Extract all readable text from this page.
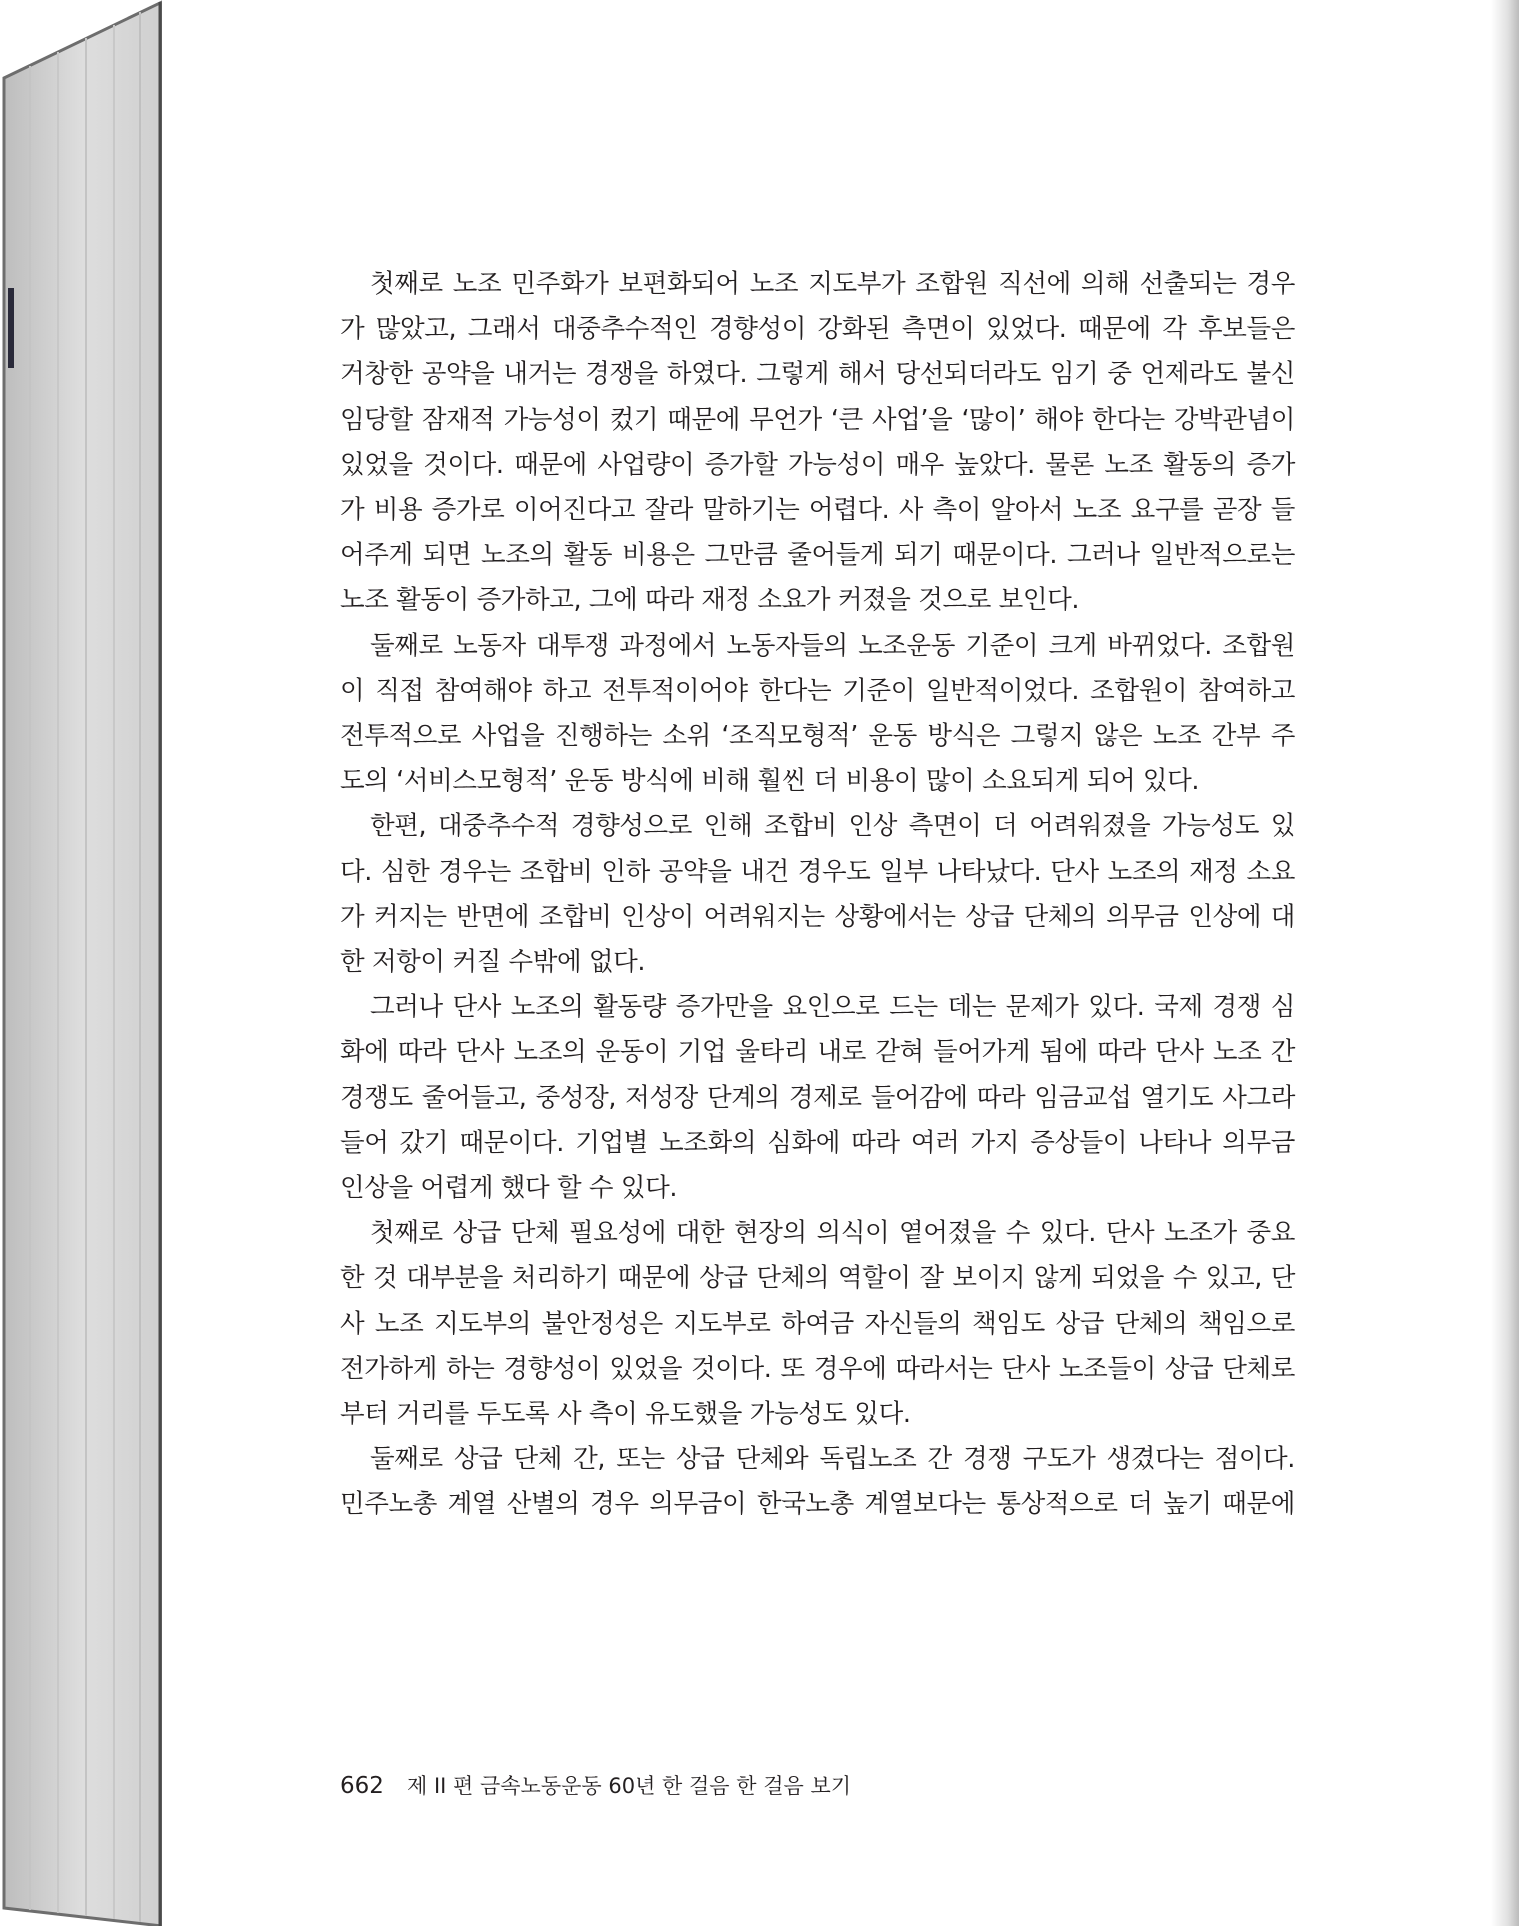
첫째로 노조 민주화가 보편화되어 노조 지도부가 조합원 직선에 의해 선출되는 경우
가 많았고, 그래서 대중추수적인 경향성이 강화된 측면이 있었다. 때문에 각 후보들은
거창한 공약을 내거는 경쟁을 하였다. 그렇게 해서 당선되더라도 임기 중 언제라도 불신
임당할 잠재적 가능성이 컸기 때문에 무언가 ‘큰 사업’을 ‘많이’ 해야 한다는 강박관념이
있었을 것이다. 때문에 사업량이 증가할 가능성이 매우 높았다. 물론 노조 활동의 증가
가 비용 증가로 이어진다고 잘라 말하기는 어렵다. 사 측이 알아서 노조 요구를 곧장 들
어주게 되면 노조의 활동 비용은 그만큼 줄어들게 되기 때문이다. 그러나 일반적으로는
노조 활동이 증가하고, 그에 따라 재정 소요가 커졌을 것으로 보인다.

둘째로 노동자 대투쟁 과정에서 노동자들의 노조운동 기준이 크게 바뀌었다. 조합원
이 직접 참여해야 하고 전투적이어야 한다는 기준이 일반적이었다. 조합원이 참여하고
전투적으로 사업을 진행하는 소위 ‘조직모형적’ 운동 방식은 그렇지 않은 노조 간부 주
도의 ‘서비스모형적’ 운동 방식에 비해 훨씬 더 비용이 많이 소요되게 되어 있다.

한편, 대중추수적 경향성으로 인해 조합비 인상 측면이 더 어려워졌을 가능성도 있
다. 심한 경우는 조합비 인하 공약을 내건 경우도 일부 나타났다. 단사 노조의 재정 소요
가 커지는 반면에 조합비 인상이 어려워지는 상황에서는 상급 단체의 의무금 인상에 대
한 저항이 커질 수밖에 없다.

그러나 단사 노조의 활동량 증가만을 요인으로 드는 데는 문제가 있다. 국제 경쟁 심
화에 따라 단사 노조의 운동이 기업 울타리 내로 갇혀 들어가게 됨에 따라 단사 노조 간
경쟁도 줄어들고, 중성장, 저성장 단계의 경제로 들어감에 따라 임금교섭 열기도 사그라
들어 갔기 때문이다. 기업별 노조화의 심화에 따라 여러 가지 증상들이 나타나 의무금
인상을 어렵게 했다 할 수 있다.

첫째로 상급 단체 필요성에 대한 현장의 의식이 옅어졌을 수 있다. 단사 노조가 중요
한 것 대부분을 처리하기 때문에 상급 단체의 역할이 잘 보이지 않게 되었을 수 있고, 단
사 노조 지도부의 불안정성은 지도부로 하여금 자신들의 책임도 상급 단체의 책임으로
전가하게 하는 경향성이 있었을 것이다. 또 경우에 따라서는 단사 노조들이 상급 단체로
부터 거리를 두도록 사 측이 유도했을 가능성도 있다.

둘째로 상급 단체 간, 또는 상급 단체와 독립노조 간 경쟁 구도가 생겼다는 점이다.
민주노총 계열 산별의 경우 의무금이 한국노총 계열보다는 통상적으로 더 높기 때문에

662 제 II 편 금속노동운동 60년 한 걸음 한 걸음 보기
